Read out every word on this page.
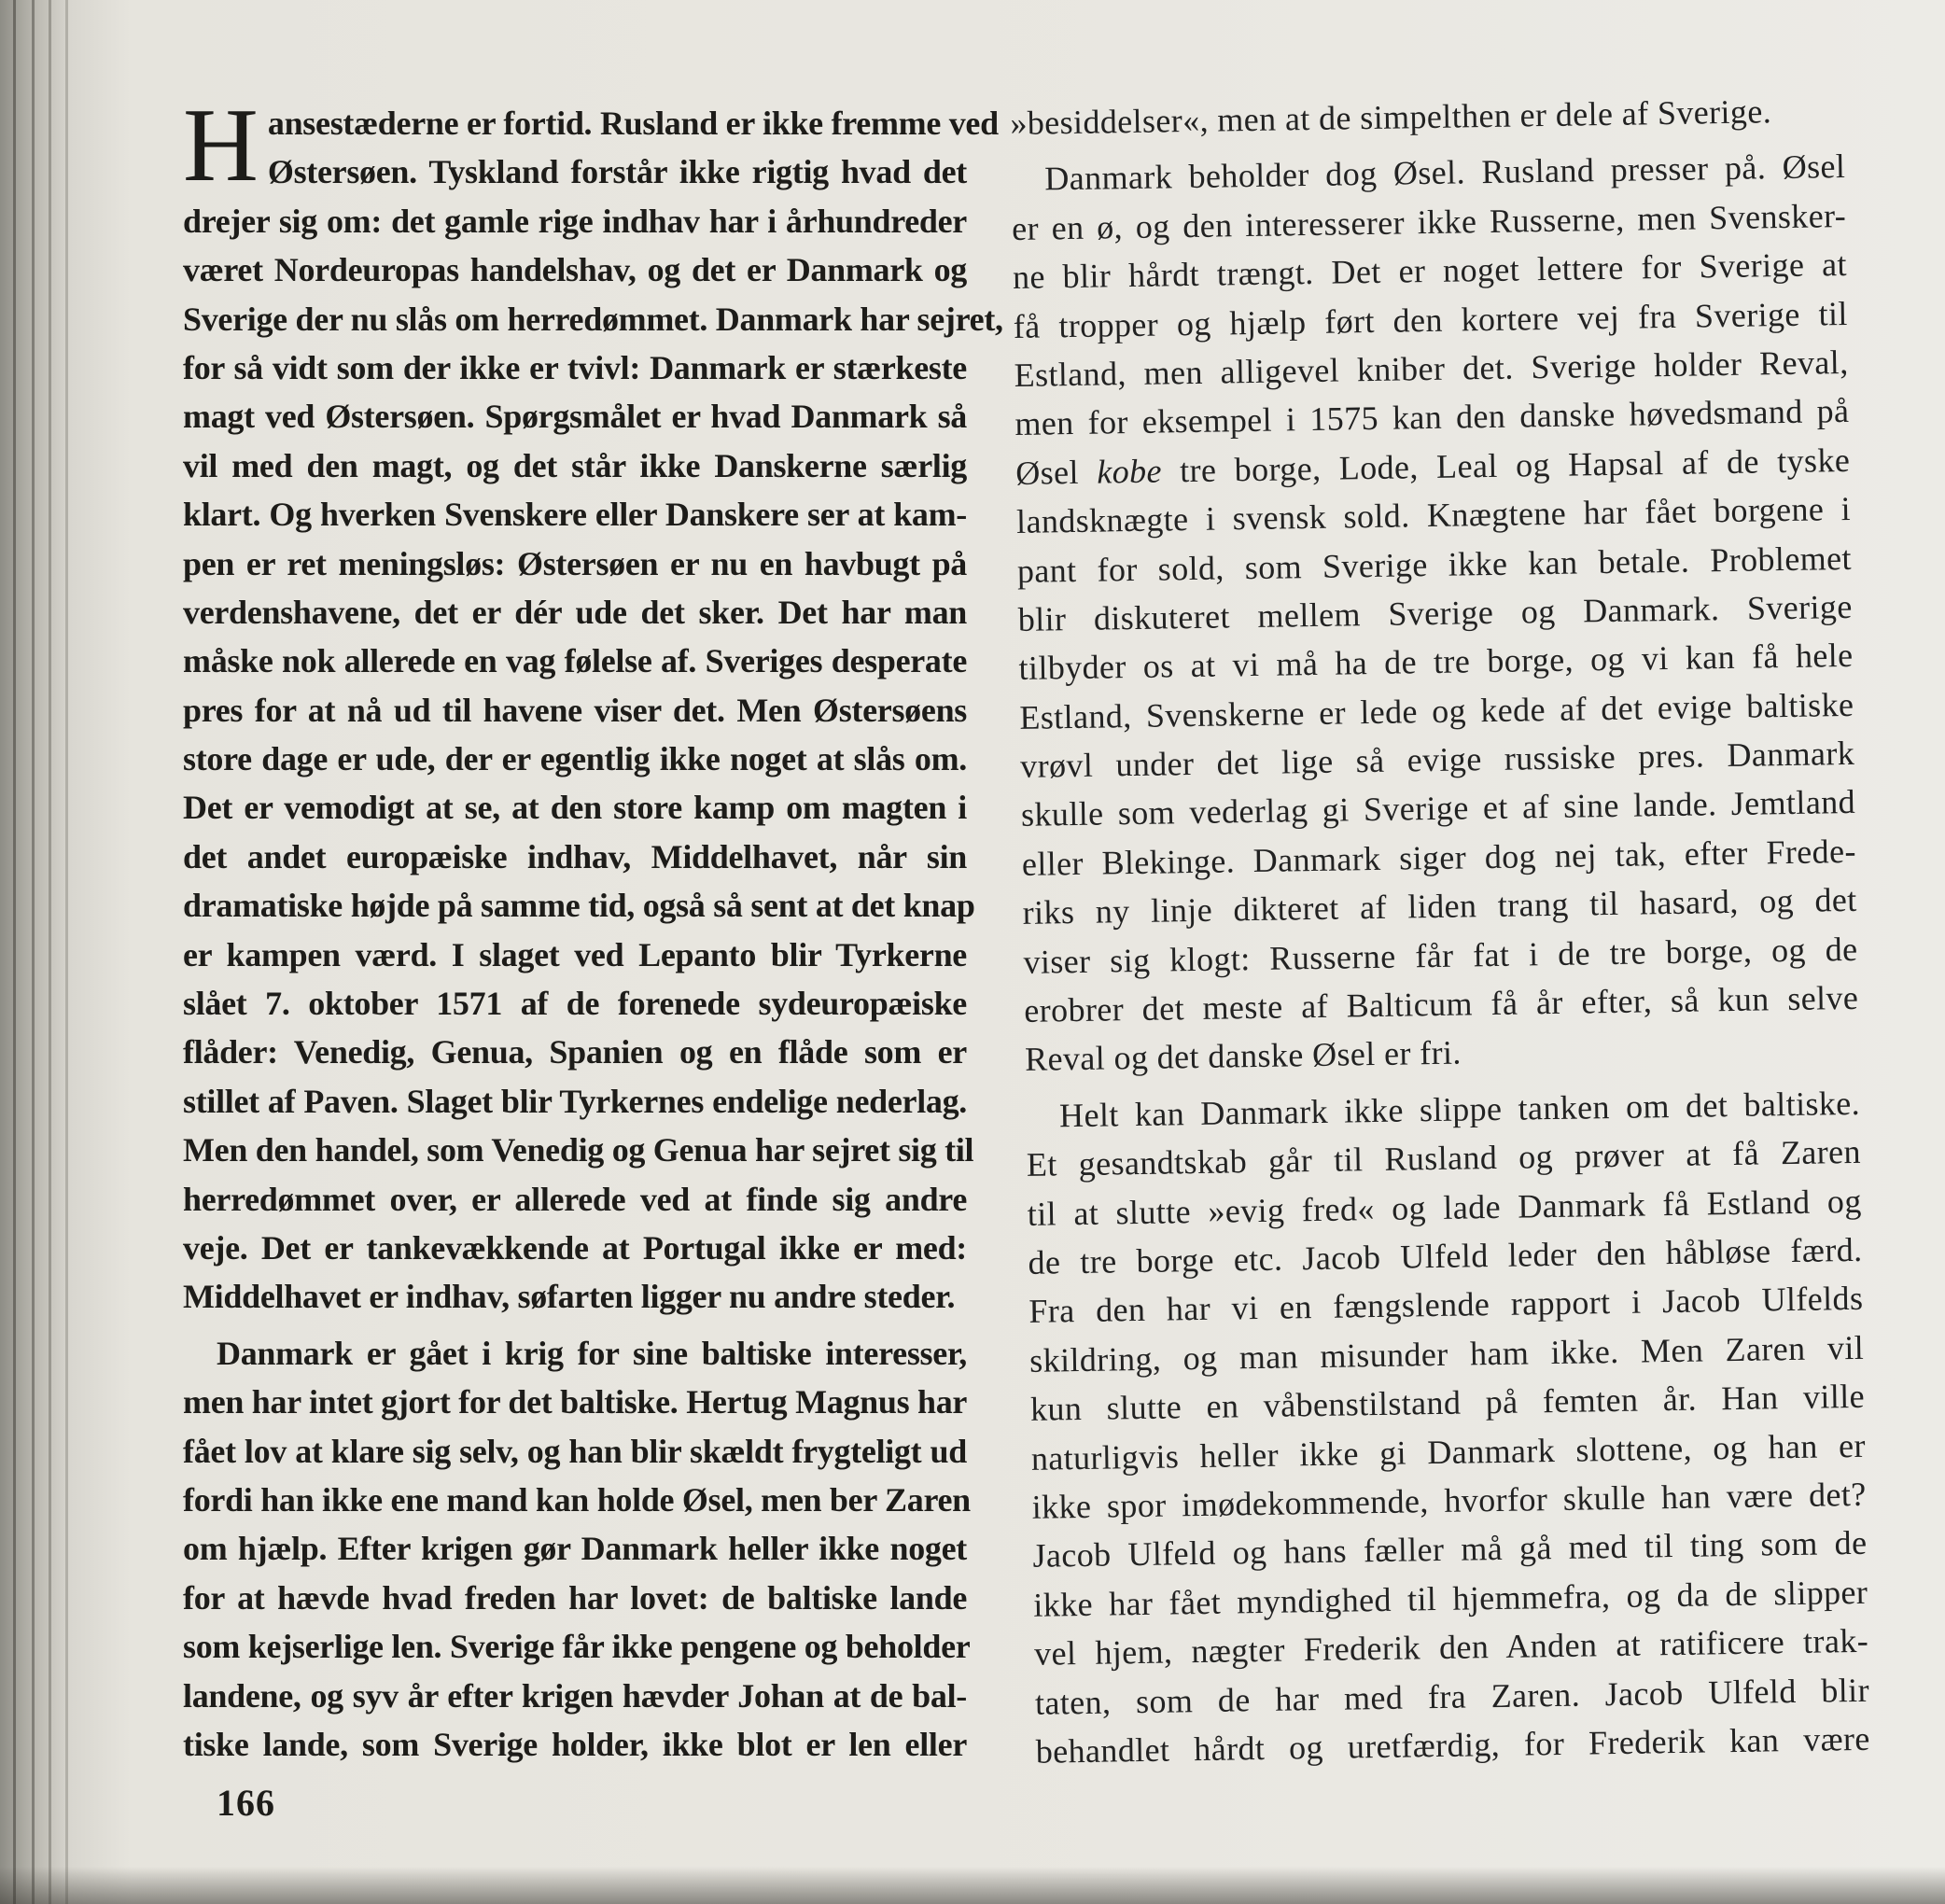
H ansestæderne er fortid. Rusland er ikke fremme ved
Østersøen. Tyskland forstår ikke rigtig hvad det
drejer sig om: det gamle rige indhav har i århundreder
været Nordeuropas handelshav, og det er Danmark og
Sverige der nu slås om herredømmet. Danmark har sejret,
for så vidt som der ikke er tvivl: Danmark er stærkeste
magt ved Østersøen. Spørgsmålet er hvad Danmark så
vil med den magt, og det står ikke Danskerne særlig
klart. Og hverken Svenskere eller Danskere ser at kam-
pen er ret meningsløs: Østersøen er nu en havbugt på
verdenshavene, det er dér ude det sker. Det har man
måske nok allerede en vag følelse af. Sveriges desperate
pres for at nå ud til havene viser det. Men Østersøens
store dage er ude, der er egentlig ikke noget at slås om.
Det er vemodigt at se, at den store kamp om magten i
det andet europæiske indhav, Middelhavet, når sin
dramatiske højde på samme tid, også så sent at det knap
er kampen værd. I slaget ved Lepanto blir Tyrkerne
slået 7. oktober 1571 af de forenede sydeuropæiske
flåder: Venedig, Genua, Spanien og en flåde som er
stillet af Paven. Slaget blir Tyrkernes endelige nederlag.
Men den handel, som Venedig og Genua har sejret sig til
herredømmet over, er allerede ved at finde sig andre
veje. Det er tankevækkende at Portugal ikke er med:
Middelhavet er indhav, søfarten ligger nu andre steder.
Danmark er gået i krig for sine baltiske interesser,
men har intet gjort for det baltiske. Hertug Magnus har
fået lov at klare sig selv, og han blir skældt frygteligt ud
fordi han ikke ene mand kan holde Øsel, men ber Zaren
om hjælp. Efter krigen gør Danmark heller ikke noget
for at hævde hvad freden har lovet: de baltiske lande
som kejserlige len. Sverige får ikke pengene og beholder
landene, og syv år efter krigen hævder Johan at de bal-
tiske lande, som Sverige holder, ikke blot er len eller
»besiddelser«, men at de simpelthen er dele af Sverige.
Danmark beholder dog Øsel. Rusland presser på. Øsel
er en ø, og den interesserer ikke Russerne, men Svensker-
ne blir hårdt trængt. Det er noget lettere for Sverige at
få tropper og hjælp ført den kortere vej fra Sverige til
Estland, men alligevel kniber det. Sverige holder Reval,
men for eksempel i 1575 kan den danske høvedsmand på
Øsel kobe tre borge, Lode, Leal og Hapsal af de tyske
landsknægte i svensk sold. Knægtene har fået borgene i
pant for sold, som Sverige ikke kan betale. Problemet
blir diskuteret mellem Sverige og Danmark. Sverige
tilbyder os at vi må ha de tre borge, og vi kan få hele
Estland, Svenskerne er lede og kede af det evige baltiske
vrøvl under det lige så evige russiske pres. Danmark
skulle som vederlag gi Sverige et af sine lande. Jemtland
eller Blekinge. Danmark siger dog nej tak, efter Frede-
riks ny linje dikteret af liden trang til hasard, og det
viser sig klogt: Russerne får fat i de tre borge, og de
erobrer det meste af Balticum få år efter, så kun selve
Reval og det danske Øsel er fri.
Helt kan Danmark ikke slippe tanken om det baltiske.
Et gesandtskab går til Rusland og prøver at få Zaren
til at slutte »evig fred« og lade Danmark få Estland og
de tre borge etc. Jacob Ulfeld leder den håbløse færd.
Fra den har vi en fængslende rapport i Jacob Ulfelds
skildring, og man misunder ham ikke. Men Zaren vil
kun slutte en våbenstilstand på femten år. Han ville
naturligvis heller ikke gi Danmark slottene, og han er
ikke spor imødekommende, hvorfor skulle han være det?
Jacob Ulfeld og hans fæller må gå med til ting som de
ikke har fået myndighed til hjemmefra, og da de slipper
vel hjem, nægter Frederik den Anden at ratificere trak-
taten, som de har med fra Zaren. Jacob Ulfeld blir
behandlet hårdt og uretfærdig, for Frederik kan være
166
